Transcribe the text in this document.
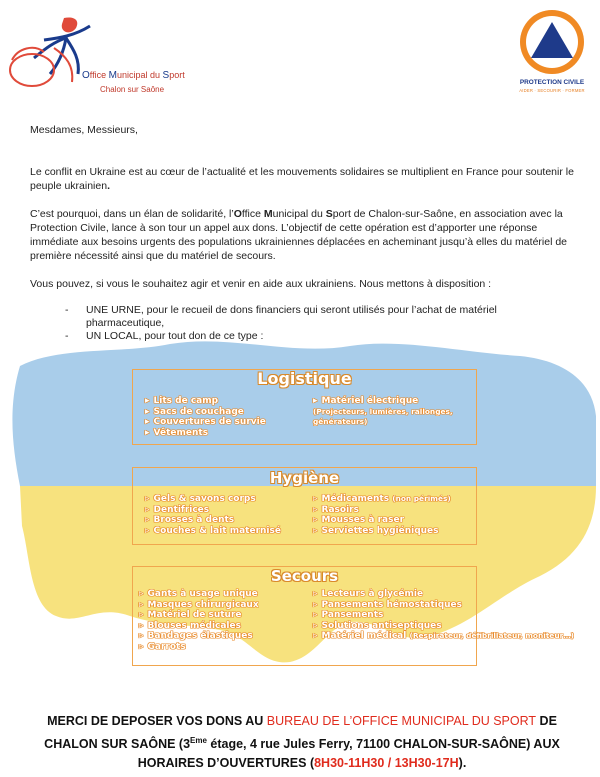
Office Municipal du Sport
Chalon sur Saône
PROTECTION CIVILE
AIDER · SECOURIR · FORMER

Mesdames, Messieurs,

Le conflit en Ukraine est au cœur de l’actualité et les mouvements solidaires se multiplient en France pour soutenir le peuple ukrainien.

C’est pourquoi, dans un élan de solidarité, l’Office Municipal du Sport de Chalon-sur-Saône, en association avec la Protection Civile, lance à son tour un appel aux dons. L’objectif de cette opération est d’apporter une réponse immédiate aux besoins urgents des populations ukrainiennes déplacées en acheminant jusqu’à elles du matériel de première nécessité ainsi que du matériel de secours.

Vous pouvez, si vous le souhaitez agir et venir en aide aux ukrainiens. Nous mettons à disposition :

- UNE URNE, pour le recueil de dons financiers qui seront utilisés pour l’achat de matériel pharmaceutique,
- UN LOCAL, pour tout don de ce type :
Logistique
▸ Lits de camp
▸ Sacs de couchage
▸ Couvertures de survie
▸ Vêtements
▸ Matériel électrique
(Projecteurs, lumières, rallonges, générateurs)
Hygiène
▹ Gels & savons corps
▹ Dentifrices
▹ Brosses à dents
▹ Couches & lait maternisé
▹ Médicaments (non périmés)
▹ Rasoirs
▹ Mousses à raser
▹ Serviettes hygiéniques
Secours
▹ Gants à usage unique
▹ Masques chirurgicaux
▹ Matériel de suture
▹ Blouses médicales
▹ Bandages élastiques
▹ Garrots
▹ Lecteurs à glycémie
▹ Pansements hémostatiques
▹ Pansements
▹ Solutions antiseptiques
▹ Matériel médical (Respirateur, défibrillateur, moniteur…)
MERCI DE DEPOSER VOS DONS AU BUREAU DE L’OFFICE MUNICIPAL DU SPORT DE CHALON SUR SAÔNE (3Eme étage, 4 rue Jules Ferry, 71100 CHALON-SUR-SAÔNE) AUX HORAIRES D’OUVERTURES (8H30-11H30 / 13H30-17H).
